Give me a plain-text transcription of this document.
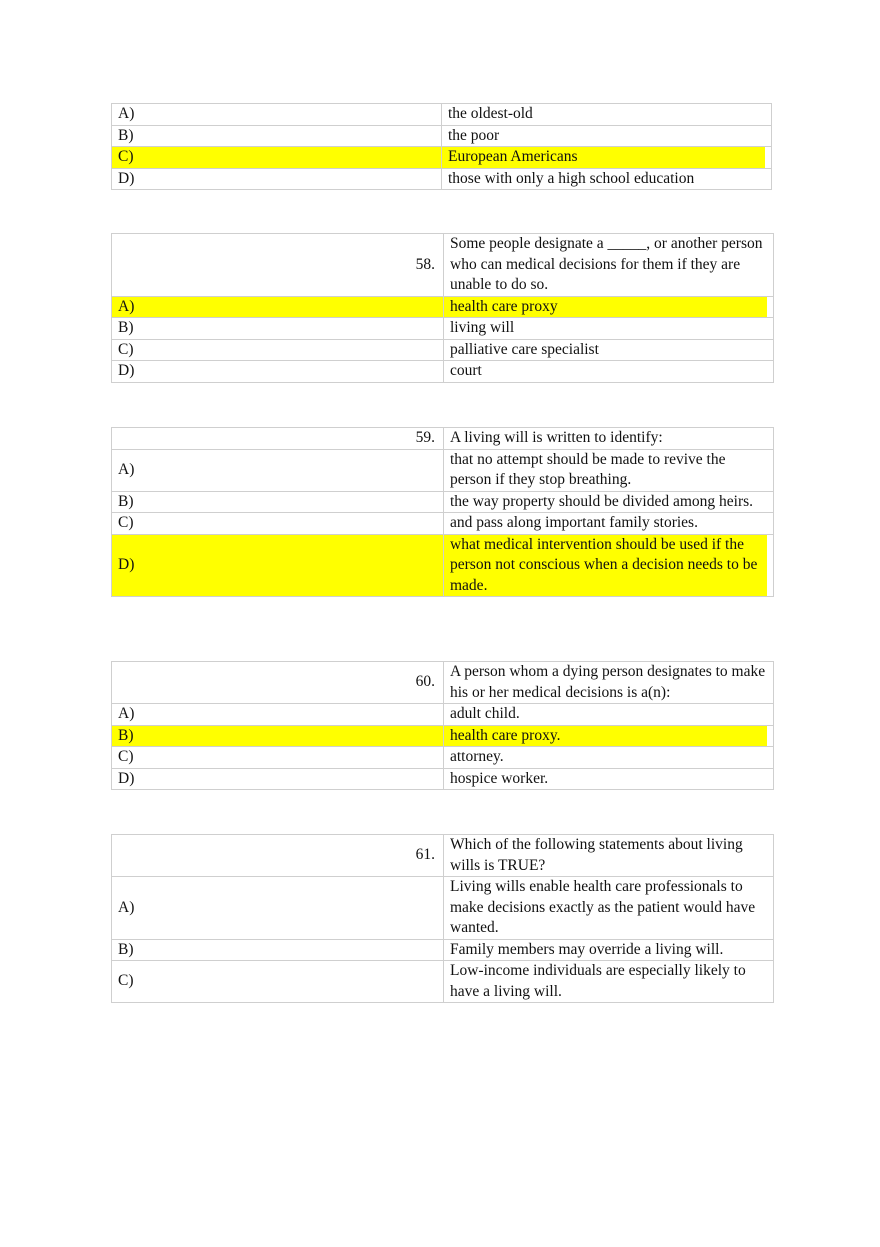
A)	the oldest-old
B)	the poor
C)	European Americans
D)	those with only a high school education
58.	Some people designate a _____, or another person who can medical decisions for them if they are unable to do so.
A)	health care proxy
B)	living will
C)	palliative care specialist
D)	court
59.	A living will is written to identify:
A)	that no attempt should be made to revive the person if they stop breathing.
B)	the way property should be divided among heirs.
C)	and pass along important family stories.
D)	what medical intervention should be used if the person not conscious when a decision needs to be made.
60.	A person whom a dying person designates to make his or her medical decisions is a(n):
A)	adult child.
B)	health care proxy.
C)	attorney.
D)	hospice worker.
61.	Which of the following statements about living wills is TRUE?
A)	Living wills enable health care professionals to make decisions exactly as the patient would have wanted.
B)	Family members may override a living will.
C)	Low-income individuals are especially likely to have a living will.
